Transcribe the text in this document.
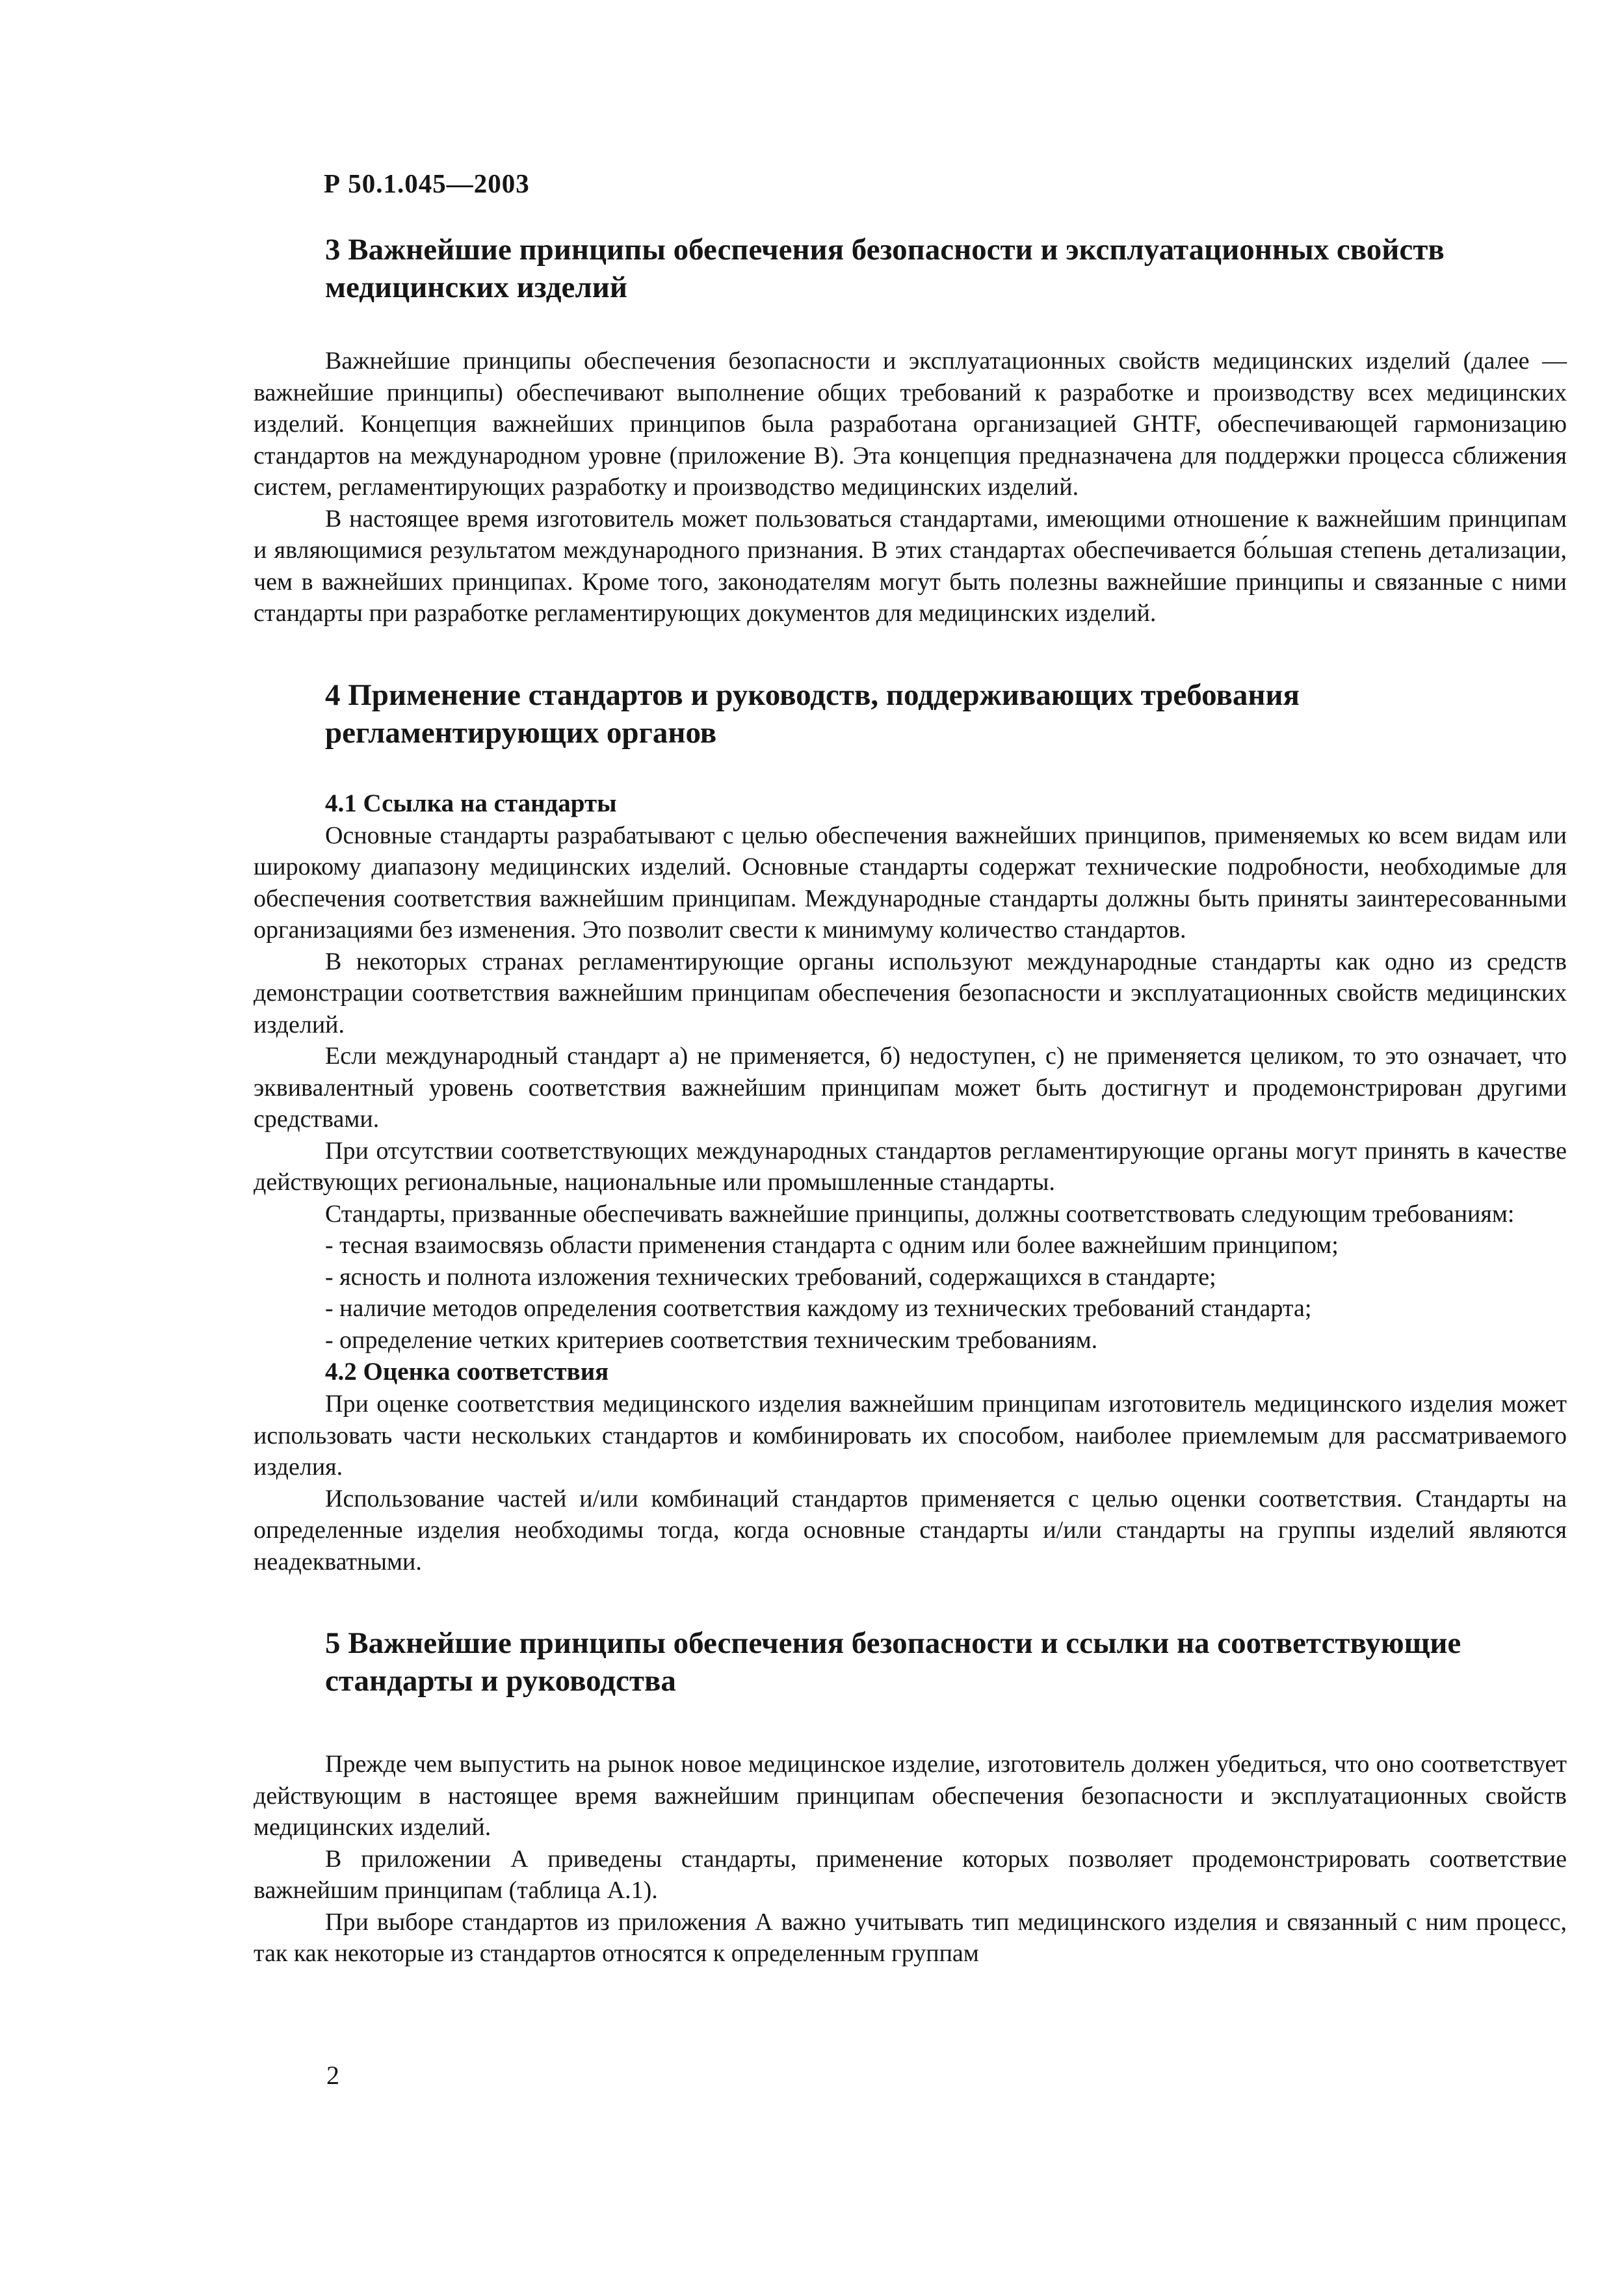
Р 50.1.045—2003

3 Важнейшие принципы обеспечения безопасности и эксплуатационных свойств медицинских изделий

Важнейшие принципы обеспечения безопасности и эксплуатационных свойств медицинских изделий (далее — важнейшие принципы) обеспечивают выполнение общих требований к разработке и производству всех медицинских изделий. Концепция важнейших принципов была разработана организацией GHTF, обеспечивающей гармонизацию стандартов на международном уровне (приложение В). Эта концепция предназначена для поддержки процесса сближения систем, регламентирующих разработку и производство медицинских изделий.

В настоящее время изготовитель может пользоваться стандартами, имеющими отношение к важнейшим принципам и являющимися результатом международного признания. В этих стандартах обеспечивается бо́льшая степень детализации, чем в важнейших принципах. Кроме того, законодателям могут быть полезны важнейшие принципы и связанные с ними стандарты при разработке регламентирующих документов для медицинских изделий.

4 Применение стандартов и руководств, поддерживающих требования регламентирующих органов
4.1 Ссылка на стандарты

Основные стандарты разрабатывают с целью обеспечения важнейших принципов, применяемых ко всем видам или широкому диапазону медицинских изделий. Основные стандарты содержат технические подробности, необходимые для обеспечения соответствия важнейшим принципам. Международные стандарты должны быть приняты заинтересованными организациями без изменения. Это позволит свести к минимуму количество стандартов.

В некоторых странах регламентирующие органы используют международные стандарты как одно из средств демонстрации соответствия важнейшим принципам обеспечения безопасности и эксплуатационных свойств медицинских изделий.

Если международный стандарт а) не применяется, б) недоступен, с) не применяется целиком, то это означает, что эквивалентный уровень соответствия важнейшим принципам может быть достигнут и продемонстрирован другими средствами.

При отсутствии соответствующих международных стандартов регламентирующие органы могут принять в качестве действующих региональные, национальные или промышленные стандарты.

Стандарты, призванные обеспечивать важнейшие принципы, должны соответствовать следующим требованиям:

- тесная взаимосвязь области применения стандарта с одним или более важнейшим принципом;
- ясность и полнота изложения технических требований, содержащихся в стандарте;
- наличие методов определения соответствия каждому из технических требований стандарта;
- определение четких критериев соответствия техническим требованиям.
4.2 Оценка соответствия

При оценке соответствия медицинского изделия важнейшим принципам изготовитель медицинского изделия может использовать части нескольких стандартов и комбинировать их способом, наиболее приемлемым для рассматриваемого изделия.

Использование частей и/или комбинаций стандартов применяется с целью оценки соответствия. Стандарты на определенные изделия необходимы тогда, когда основные стандарты и/или стандарты на группы изделий являются неадекватными.

5 Важнейшие принципы обеспечения безопасности и ссылки на соответствующие стандарты и руководства

Прежде чем выпустить на рынок новое медицинское изделие, изготовитель должен убедиться, что оно соответствует действующим в настоящее время важнейшим принципам обеспечения безопасности и эксплуатационных свойств медицинских изделий.

В приложении А приведены стандарты, применение которых позволяет продемонстрировать соответствие важнейшим принципам (таблица А.1).

При выборе стандартов из приложения А важно учитывать тип медицинского изделия и связанный с ним процесс, так как некоторые из стандартов относятся к определенным группам

2
